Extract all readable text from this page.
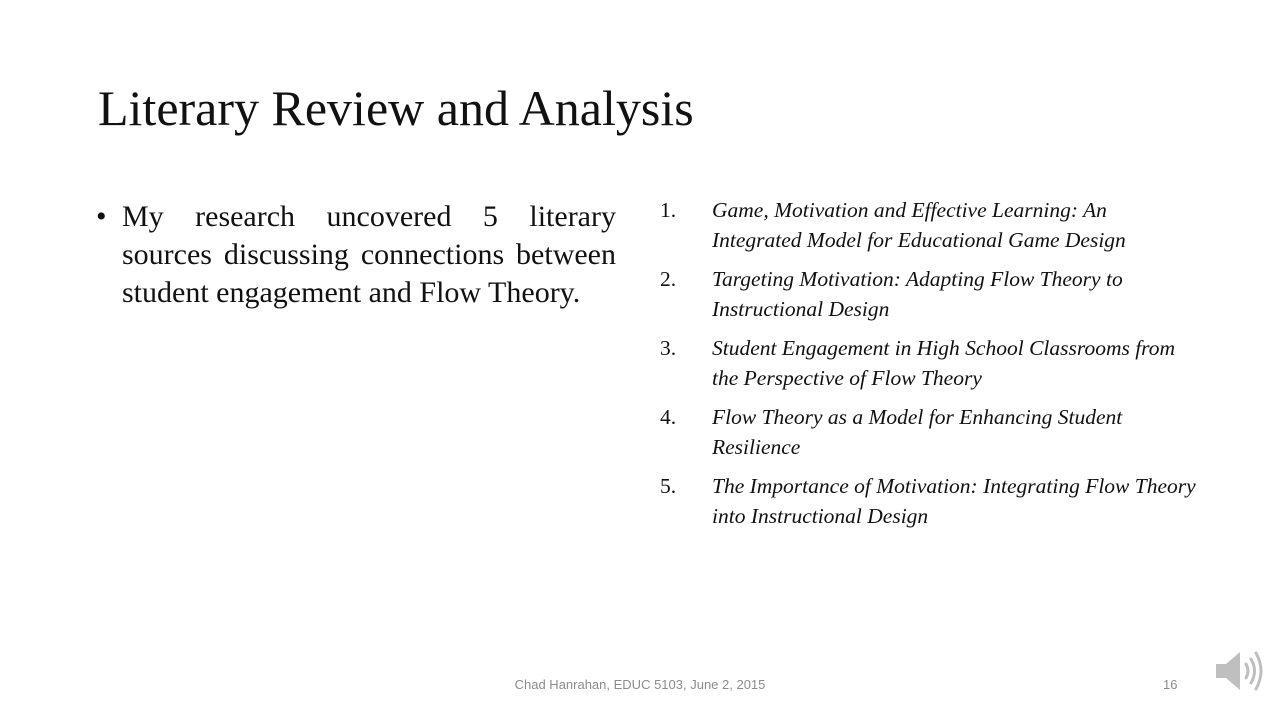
Literary Review and Analysis
• My research uncovered 5 literary sources discussing connections between student engagement and Flow Theory.
1.	Game, Motivation and Effective Learning: An Integrated Model for Educational Game Design
2.	Targeting Motivation: Adapting Flow Theory to Instructional Design
3.	Student Engagement in High School Classrooms from the Perspective of Flow Theory
4.	Flow Theory as a Model for Enhancing Student Resilience
5.	The Importance of Motivation: Integrating Flow Theory into Instructional Design
Chad Hanrahan, EDUC 5103, June 2, 2015	16
